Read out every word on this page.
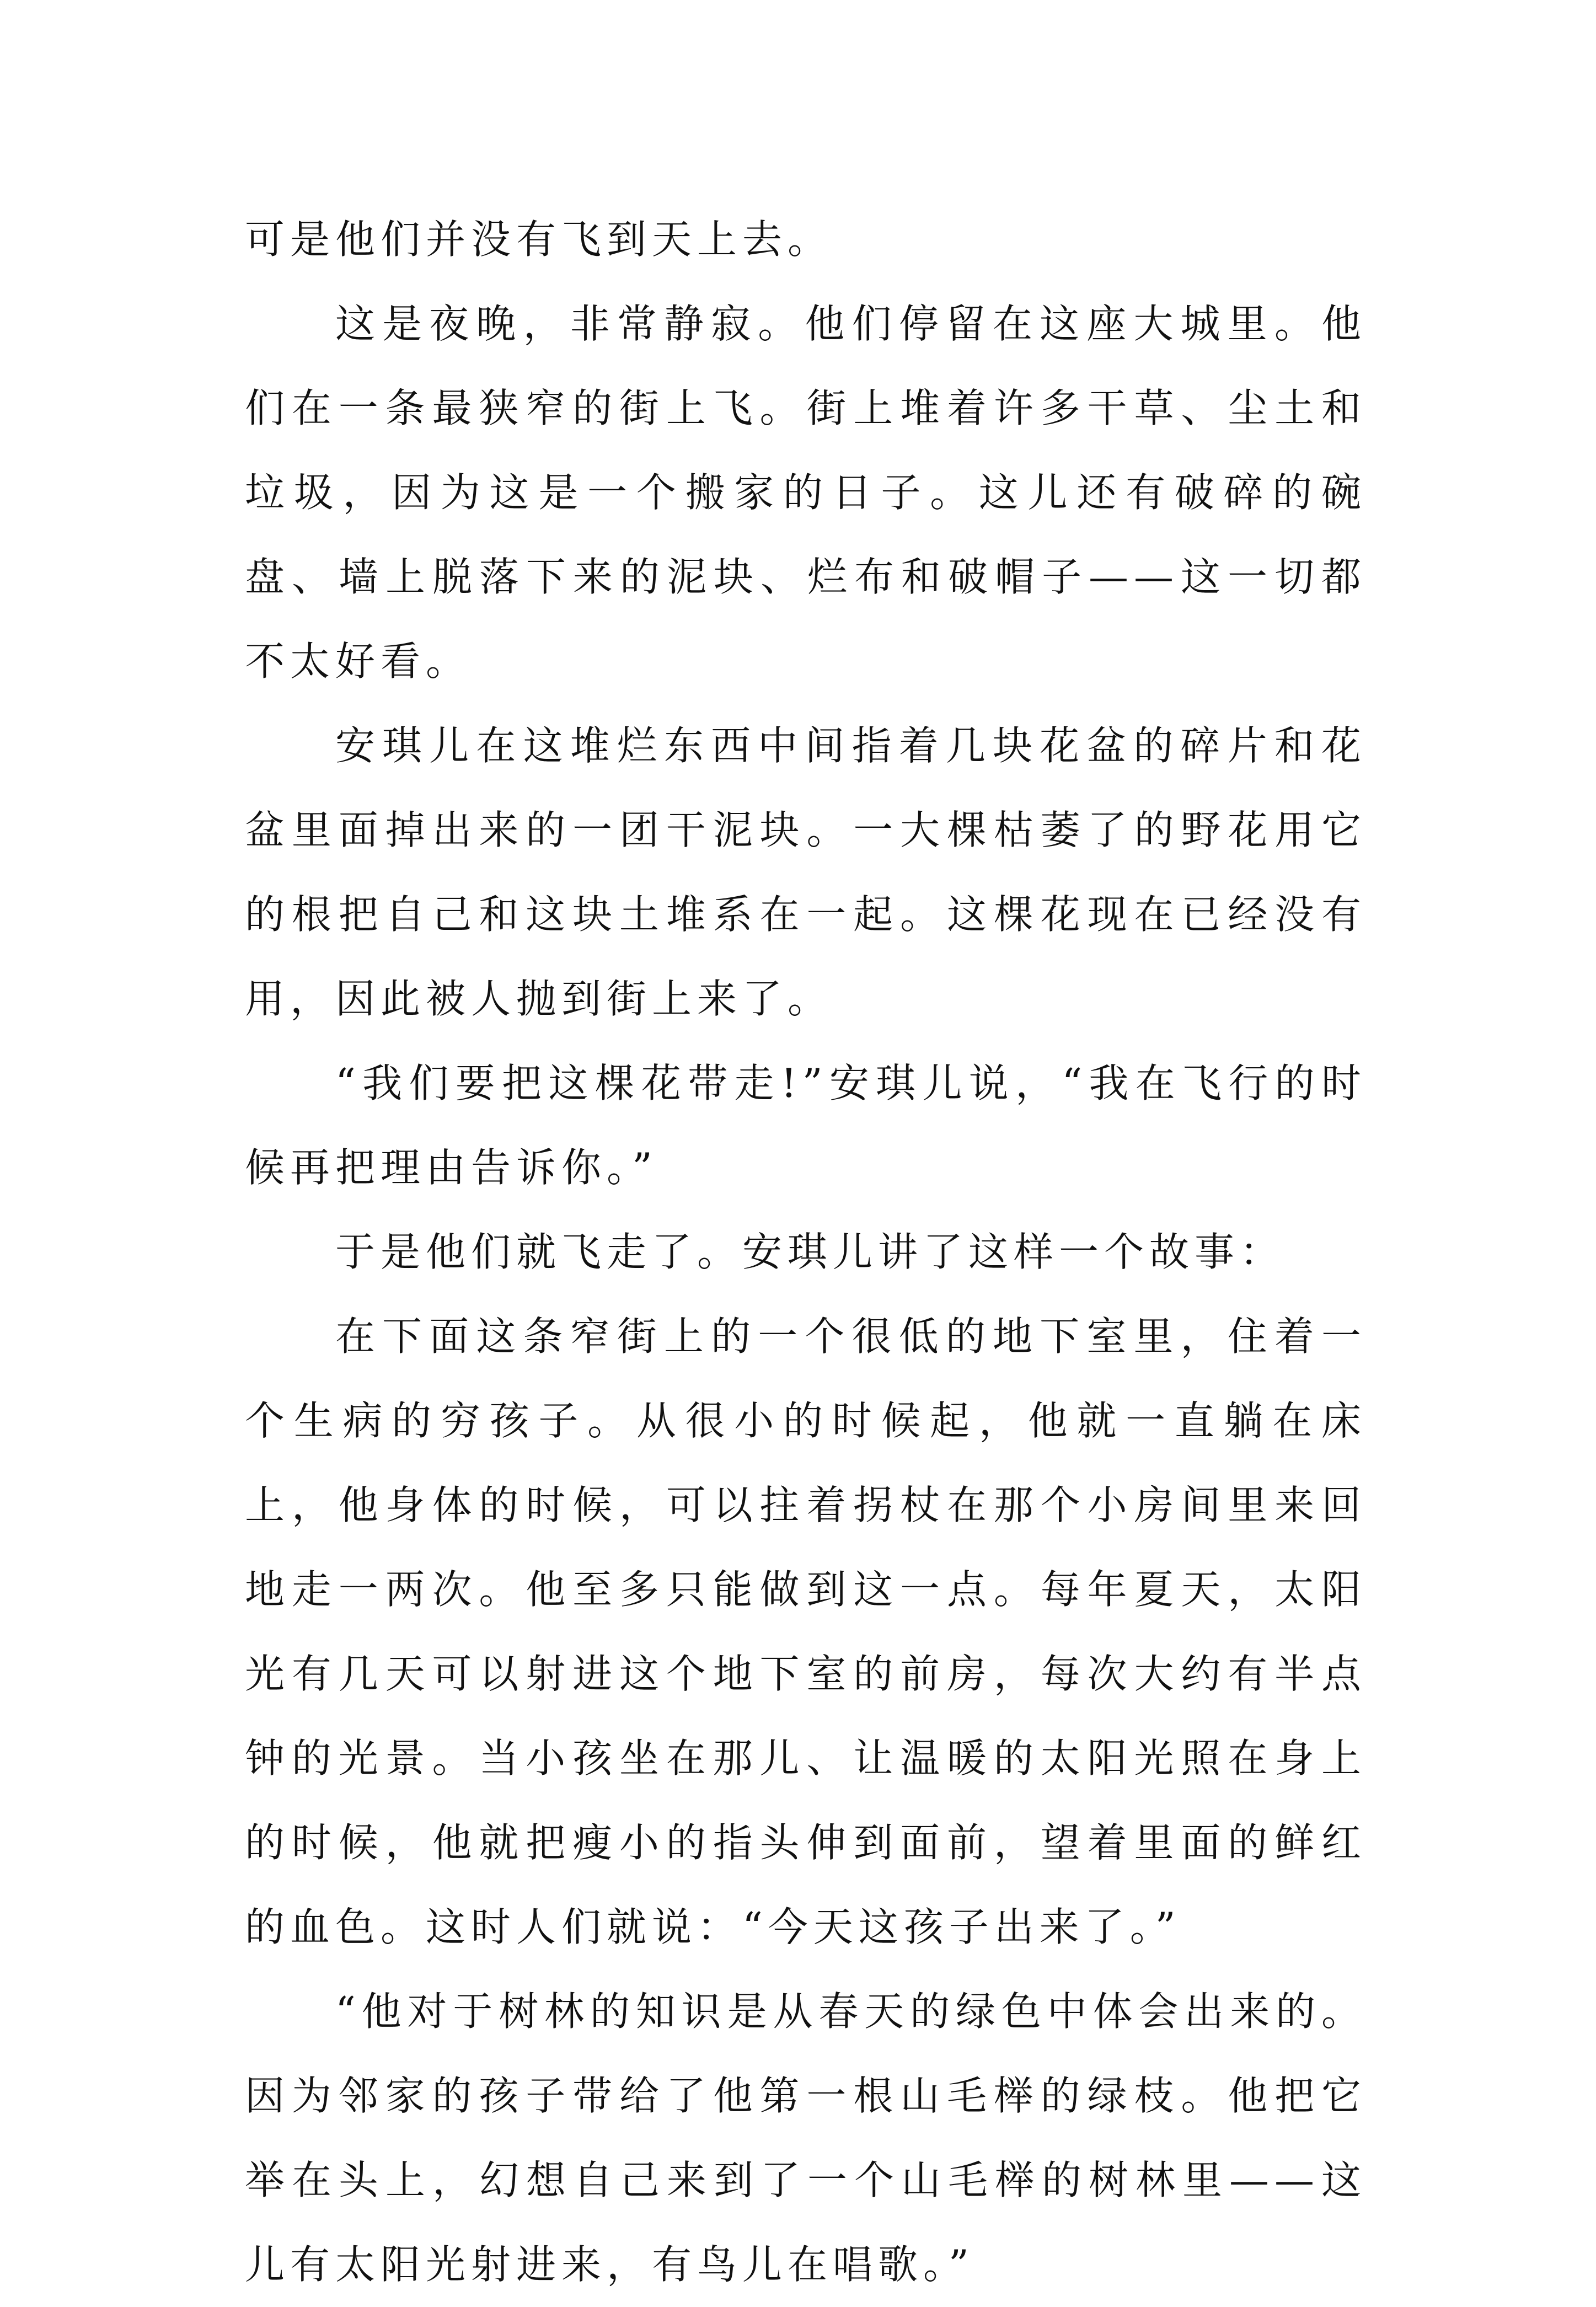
可是他们并没有飞到天上去。

这是夜晚，非常静寂。他们停留在这座大城里。他们在一条最狭窄的街上飞。街上堆着许多干草、尘土和垃圾，因为这是一个搬家的日子。这儿还有破碎的碗盘、墙上脱落下来的泥块、烂布和破帽子——这一切都不太好看。

安琪儿在这堆烂东西中间指着几块花盆的碎片和花盆里面掉出来的一团干泥块。一大棵枯萎了的野花用它的根把自己和这块土堆系在一起。这棵花现在已经没有用，因此被人抛到街上来了。

“我们要把这棵花带走!”安琪儿说，“我在飞行的时候再把理由告诉你。”

于是他们就飞走了。安琪儿讲了这样一个故事：

在下面这条窄街上的一个很低的地下室里，住着一个生病的穷孩子。从很小的时候起，他就一直躺在床上，他身体的时候，可以拄着拐杖在那个小房间里来回地走一两次。他至多只能做到这一点。每年夏天，太阳光有几天可以射进这个地下室的前房，每次大约有半点钟的光景。当小孩坐在那儿、让温暖的太阳光照在身上的时候，他就把瘦小的指头伸到面前，望着里面的鲜红的血色。这时人们就说：“今天这孩子出来了。”

“他对于树林的知识是从春天的绿色中体会出来的。因为邻家的孩子带给了他第一根山毛榉的绿枝。他把它举在头上，幻想自己来到了一个山毛榉的树林里——这儿有太阳光射进来，有鸟儿在唱歌。”
